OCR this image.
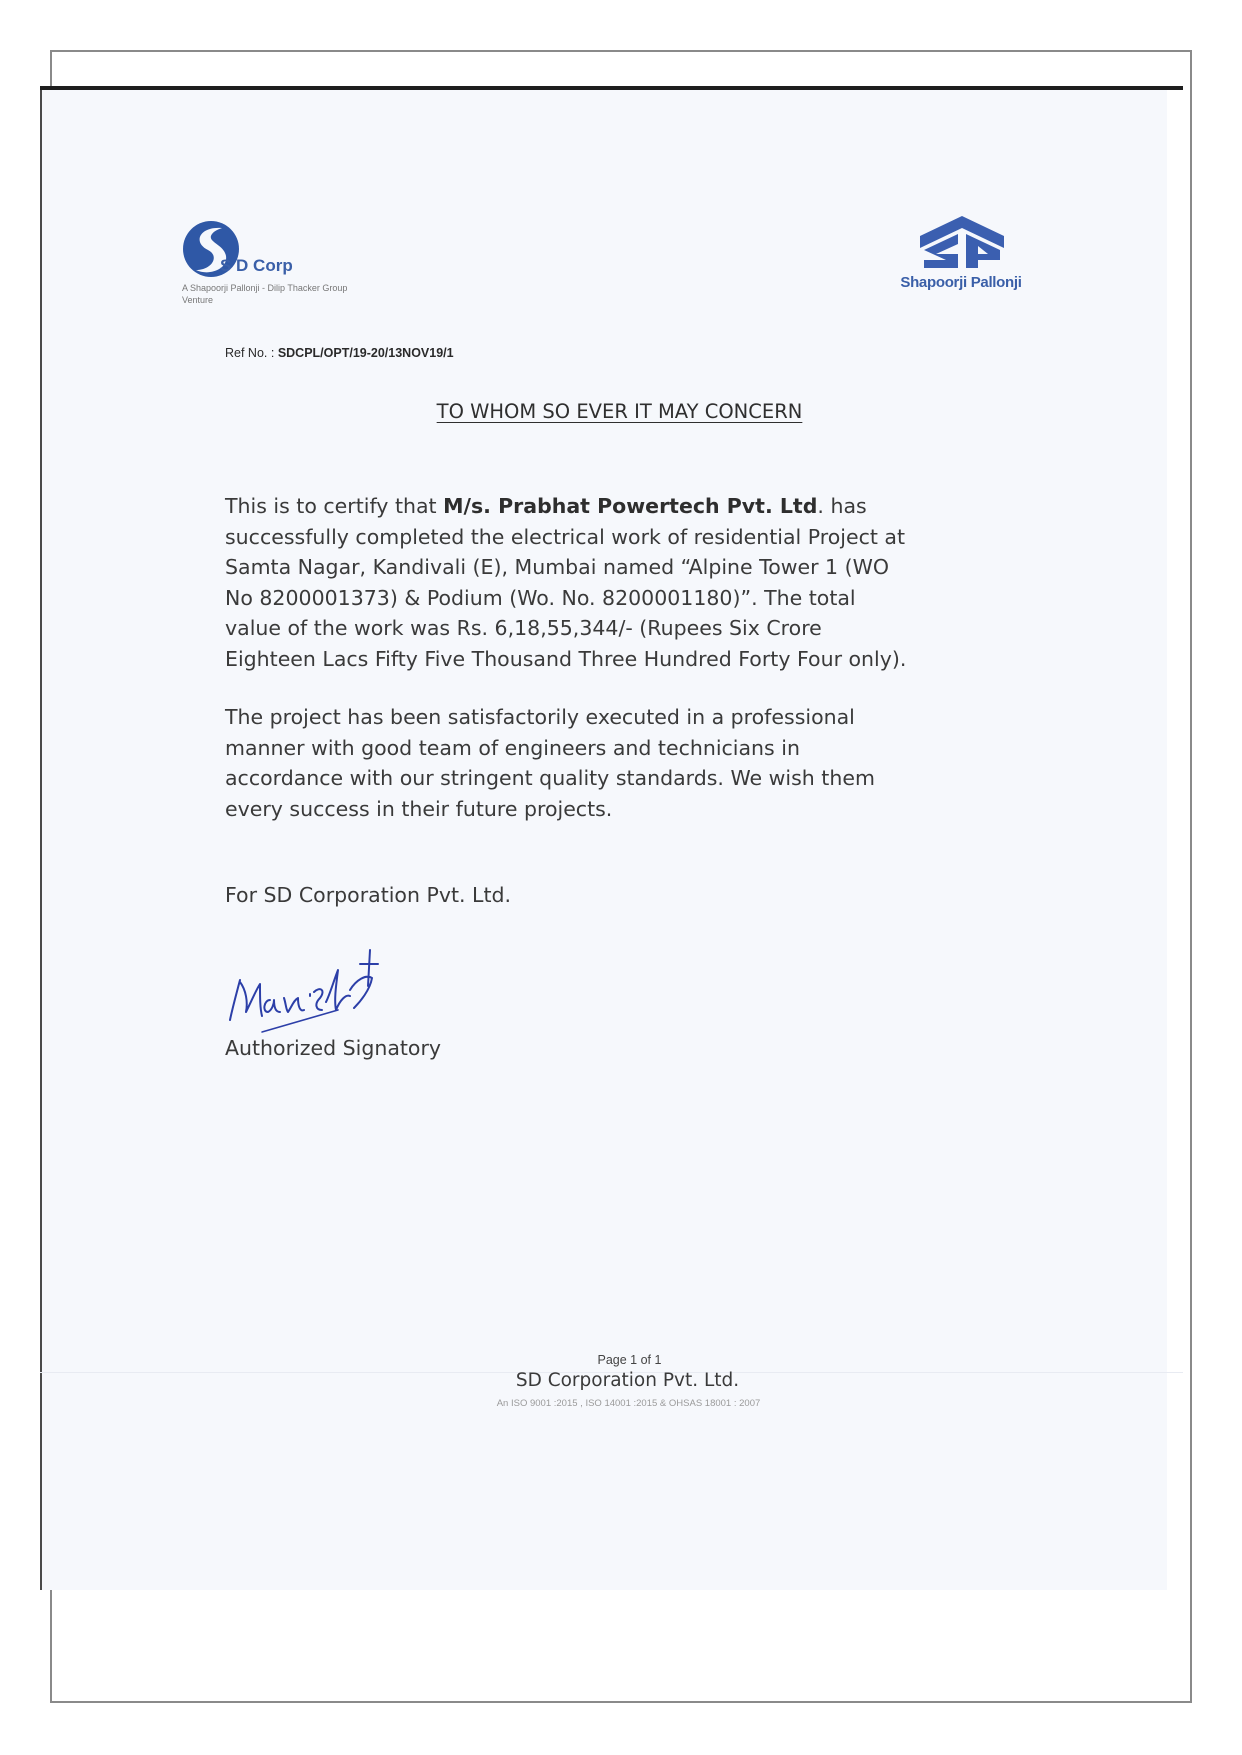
S D Corp
A Shapoorji Pallonji - Dilip Thacker Group Venture
Shapoorji Pallonji
Ref No. : SDCPL/OPT/19-20/13NOV19/1
TO WHOM SO EVER IT MAY CONCERN
This is to certify that M/s. Prabhat Powertech Pvt. Ltd. has
successfully completed the electrical work of residential Project at
Samta Nagar, Kandivali (E), Mumbai named “Alpine Tower 1 (WO
No 8200001373) & Podium (Wo. No. 8200001180)”. The total
value of the work was Rs. 6,18,55,344/- (Rupees Six Crore
Eighteen Lacs Fifty Five Thousand Three Hundred Forty Four only).
The project has been satisfactorily executed in a professional
manner with good team of engineers and technicians in
accordance with our stringent quality standards. We wish them
every success in their future projects.
For SD Corporation Pvt. Ltd.
Authorized Signatory
Page 1 of 1
SD Corporation Pvt. Ltd.
An ISO 9001 :2015 , ISO 14001 :2015 & OHSAS 18001 : 2007
